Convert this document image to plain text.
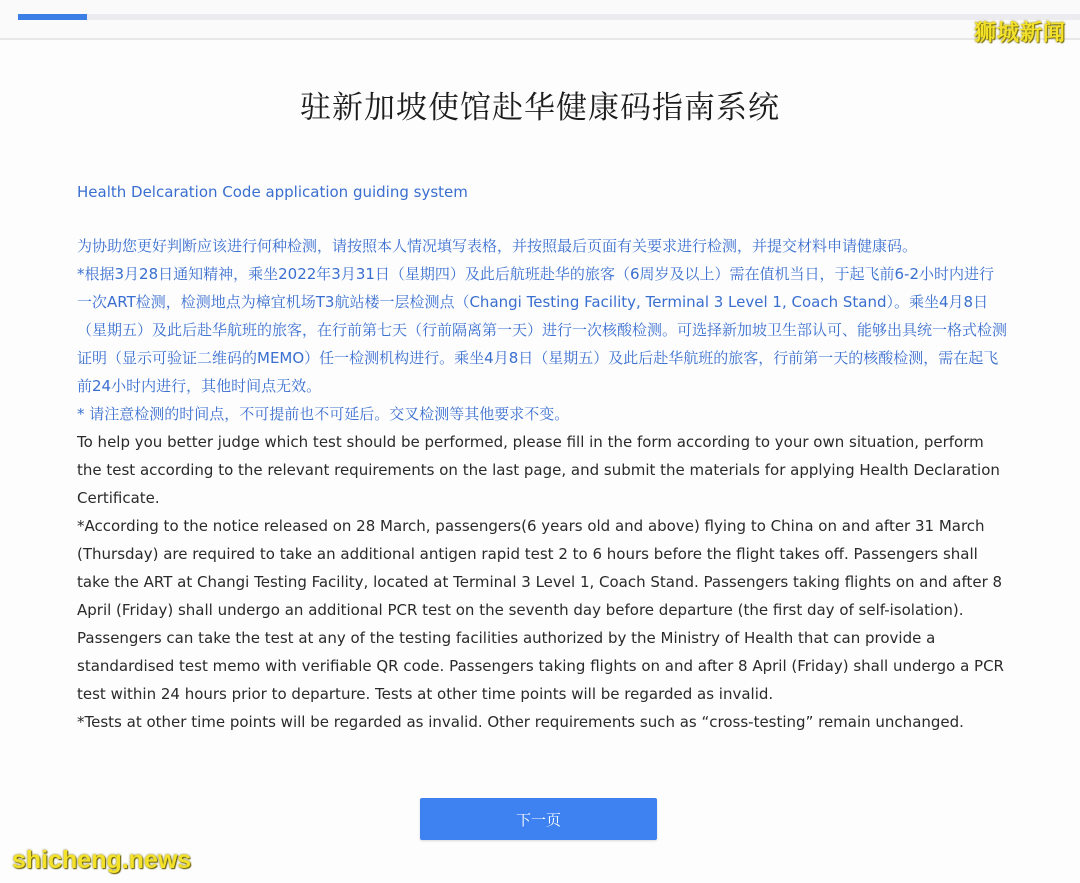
狮城新闻
驻新加坡使馆赴华健康码指南系统

Health Delcaration Code application guiding system

为协助您更好判断应该进行何种检测，请按照本人情况填写表格，并按照最后页面有关要求进行检测，并提交材料申请健康码。

*根据3月28日通知精神，乘坐2022年3月31日（星期四）及此后航班赴华的旅客（6周岁及以上）需在值机当日，于起飞前6-2小时内进行一次ART检测，检测地点为樟宜机场T3航站楼一层检测点（Changi Testing Facility, Terminal 3 Level 1, Coach Stand）。乘坐4月8日（星期五）及此后赴华航班的旅客，在行前第七天（行前隔离第一天）进行一次核酸检测。可选择新加坡卫生部认可、能够出具统一格式检测证明（显示可验证二维码的MEMO）任一检测机构进行。乘坐4月8日（星期五）及此后赴华航班的旅客，行前第一天的核酸检测，需在起飞前24小时内进行，其他时间点无效。

* 请注意检测的时间点，不可提前也不可延后。交叉检测等其他要求不变。

To help you better judge which test should be performed, please fill in the form according to your own situation, perform the test according to the relevant requirements on the last page, and submit the materials for applying Health Declaration Certificate.

*According to the notice released on 28 March, passengers(6 years old and above) flying to China on and after 31 March (Thursday) are required to take an additional antigen rapid test 2 to 6 hours before the flight takes off. Passengers shall take the ART at Changi Testing Facility, located at Terminal 3 Level 1, Coach Stand. Passengers taking flights on and after 8 April (Friday) shall undergo an additional PCR test on the seventh day before departure (the first day of self-isolation). Passengers can take the test at any of the testing facilities authorized by the Ministry of Health that can provide a standardised test memo with verifiable QR code. Passengers taking flights on and after 8 April (Friday) shall undergo a PCR test within 24 hours prior to departure. Tests at other time points will be regarded as invalid.

*Tests at other time points will be regarded as invalid. Other requirements such as “cross-testing” remain unchanged.

下一页
shicheng.news
